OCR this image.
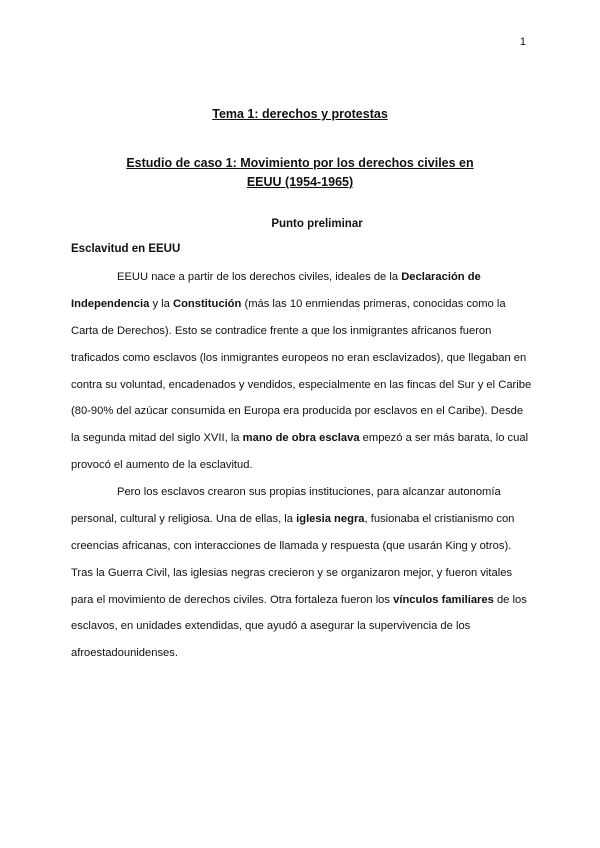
1
Tema 1: derechos y protestas
Estudio de caso 1: Movimiento por los derechos civiles en
EEUU (1954-1965)
Punto preliminar
Esclavitud en EEUU
EEUU nace a partir de los derechos civiles, ideales de la Declaración de
Independencia y la Constitución (más las 10 enmiendas primeras, conocidas como la
Carta de Derechos). Esto se contradice frente a que los inmigrantes africanos fueron
traficados como esclavos (los inmigrantes europeos no eran esclavizados), que llegaban en
contra su voluntad, encadenados y vendidos, especialmente en las fincas del Sur y el Caribe
(80-90% del azúcar consumida en Europa era producida por esclavos en el Caribe). Desde
la segunda mitad del siglo XVII, la mano de obra esclava empezó a ser más barata, lo cual
provocó el aumento de la esclavitud.
Pero los esclavos crearon sus propias instituciones, para alcanzar autonomía
personal, cultural y religiosa. Una de ellas, la iglesia negra, fusionaba el cristianismo con
creencias africanas, con interacciones de llamada y respuesta (que usarán King y otros).
Tras la Guerra Civil, las iglesias negras crecieron y se organizaron mejor, y fueron vitales
para el movimiento de derechos civiles. Otra fortaleza fueron los vínculos familiares de los
esclavos, en unidades extendidas, que ayudó a asegurar la supervivencia de los
afroestadounidenses.
